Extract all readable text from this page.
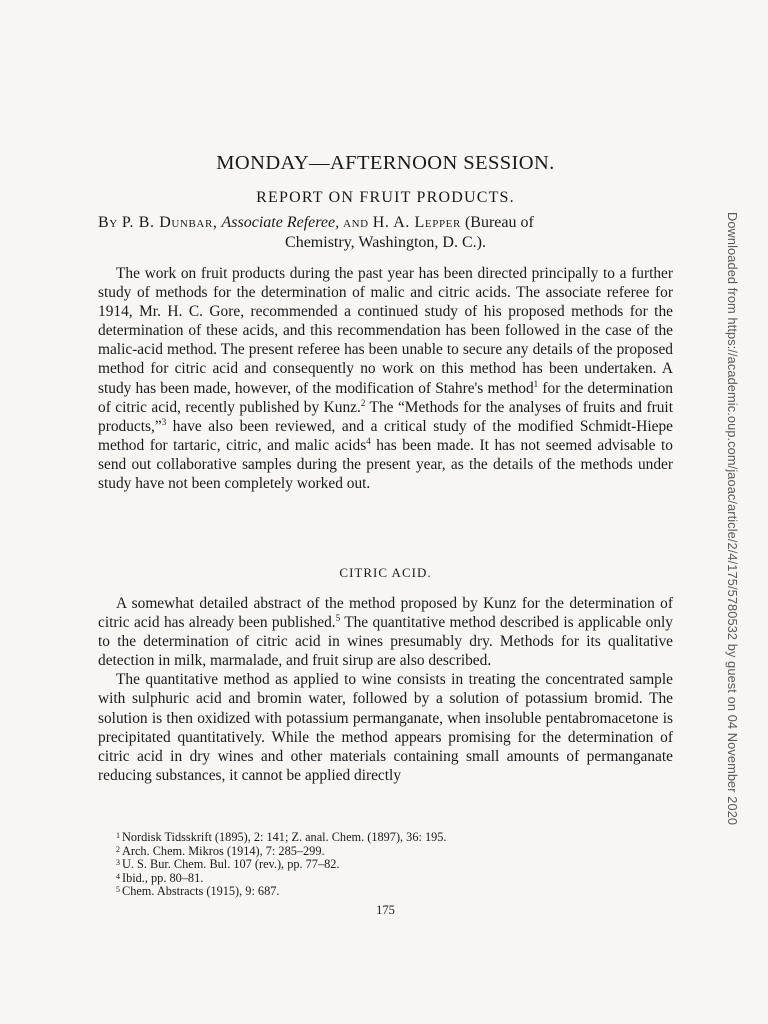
MONDAY—AFTERNOON SESSION.
REPORT ON FRUIT PRODUCTS.
By P. B. Dunbar, Associate Referee, and H. A. Lepper (Bureau of
Chemistry, Washington, D. C.).

The work on fruit products during the past year has been directed principally to a further study of methods for the determination of malic and citric acids. The associate referee for 1914, Mr. H. C. Gore, recommended a continued study of his proposed methods for the determination of these acids, and this recommendation has been followed in the case of the malic-acid method. The present referee has been unable to secure any details of the proposed method for citric acid and consequently no work on this method has been undertaken. A study has been made, however, of the modification of Stahre's method$^1$ for the determination of citric acid, recently published by Kunz.$^2$ The “Methods for the analyses of fruits and fruit products,”$^3$ have also been reviewed, and a critical study of the modified Schmidt-Hiepe method for tartaric, citric, and malic acids$^4$ has been made. It has not seemed advisable to send out collaborative samples during the present year, as the details of the methods under study have not been completely worked out.

CITRIC ACID.

A somewhat detailed abstract of the method proposed by Kunz for the determination of citric acid has already been published.$^5$ The quantitative method described is applicable only to the determination of citric acid in wines presumably dry. Methods for its qualitative detection in milk, marmalade, and fruit sirup are also described.

The quantitative method as applied to wine consists in treating the concentrated sample with sulphuric acid and bromin water, followed by a solution of potassium bromid. The solution is then oxidized with potassium permanganate, when insoluble pentabromacetone is precipitated quantitatively. While the method appears promising for the determination of citric acid in dry wines and other materials containing small amounts of permanganate reducing substances, it cannot be applied directly

$^1$ Nordisk Tidsskrift (1895), 2: 141; Z. anal. Chem. (1897), 36: 195.
$^2$ Arch. Chem. Mikros (1914), 7: 285–299.
$^3$ U. S. Bur. Chem. Bul. 107 (rev.), pp. 77–82.
$^4$ Ibid., pp. 80–81.
$^5$ Chem. Abstracts (1915), 9: 687.
175
Downloaded from https://academic.oup.com/jaoac/article/2/4/175/5780532 by guest on 04 November 2020
